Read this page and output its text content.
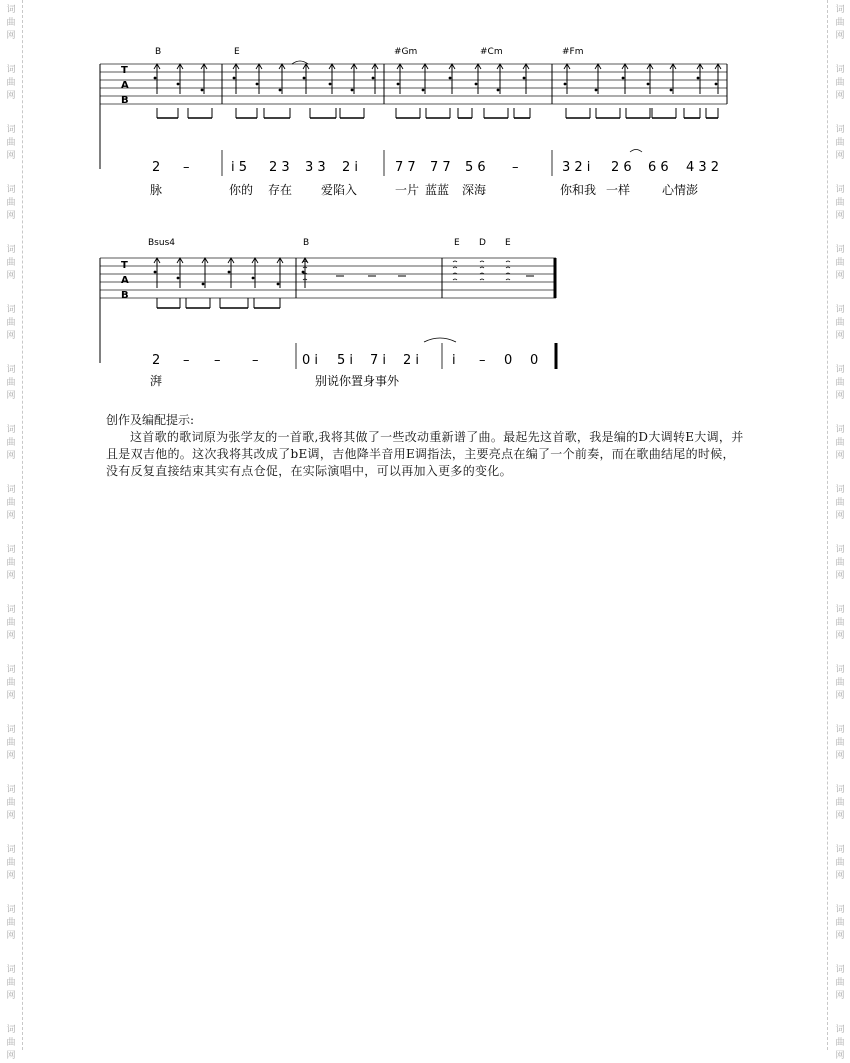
词
曲
网
词
曲
网
词
曲
网
词
曲
网
词
曲
网
词
曲
网
词
曲
网
词
曲
网
词
曲
网
词
曲
网
词
曲
网
词
曲
网
词
曲
网
词
曲
网
词
曲
网
词
曲
网
词
曲
网
词
曲
网
词
曲
网
词
曲
网
词
曲
网
词
曲
网
词
曲
网
词
曲
网
词
曲
网
词
曲
网
词
曲
网
词
曲
网
词
曲
网
词
曲
网
词
曲
网
词
曲
网
词
曲
网
词
曲
网
词
曲
网
词
曲
网
T
A
B
T
A
B
B	E	#Gm	#Cm	#Fm
2 –	i 5 2 3 3 3 2 i	7 7 7 7 5 6 –	3 2 i 2 6 6 6 4 3 2
脉	你的 存在 爱陷入	一片 蓝蓝 深海	你和我 一样	心情澎
Bsus4	B	E D E
2 – – –	0 i 5 i 7 i 2 i	i – 0 0
湃	别说你置身事外

创作及编配提示:

这首歌的歌词原为张学友的一首歌,我将其做了一些改动重新谱了曲。最起先这首歌，我是编的D大调转E大调，并且是双吉他的。这次我将其改成了bE调，吉他降半音用E调指法，主要亮点在编了一个前奏，而在歌曲结尾的时候，没有反复直接结束其实有点仓促，在实际演唱中，可以再加入更多的变化。
